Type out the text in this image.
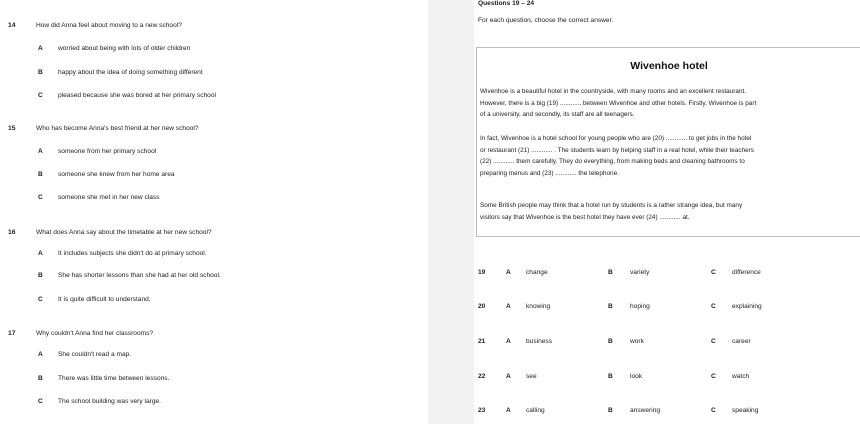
14	How did Anna feel about moving to a new school?
A worried about being with lots of older children
B happy about the idea of doing something different
C pleased because she was bored at her primary school
15	Who has become Anna's best friend at her new school?
A someone from her primary school
B someone she knew from her home area
C someone she met in her new class
16	What does Anna say about the timetable at her new school?
A It includes subjects she didn't do at primary school.
B She has shorter lessons than she had at her old school.
C It is quite difficult to understand.
17	Why couldn't Anna find her classrooms?
A She couldn't read a map.
B There was little time between lessons.
C The school building was very large.
Questions 19 – 24
For each question, choose the correct answer.
Wivenhoe hotel
Wivenhoe is a beautiful hotel in the countryside, with many rooms and an excellent restaurant.
However, there is a big (19) ............ between Wivenhoe and other hotels. Firstly, Wivenhoe is part
of a university, and secondly, its staff are all teenagers.
In fact, Wivenhoe is a hotel school for young people who are (20) ............ to get jobs in the hotel
or restaurant (21) ............ . The students learn by helping staff in a real hotel, while their teachers
(22) ............ them carefully. They do everything, from making beds and cleaning bathrooms to
preparing menus and (23) ............ the telephone.
Some British people may think that a hotel run by students is a rather strange idea, but many
visitors say that Wivenhoe is the best hotel they have ever (24) ............ at.
19	A change	B	variety	C difference
20	A knowing	B	hoping	C explaining
21	A business	B	work	C career
22	A see	B	look	C watch
23	A calling	B	answering	C speaking
